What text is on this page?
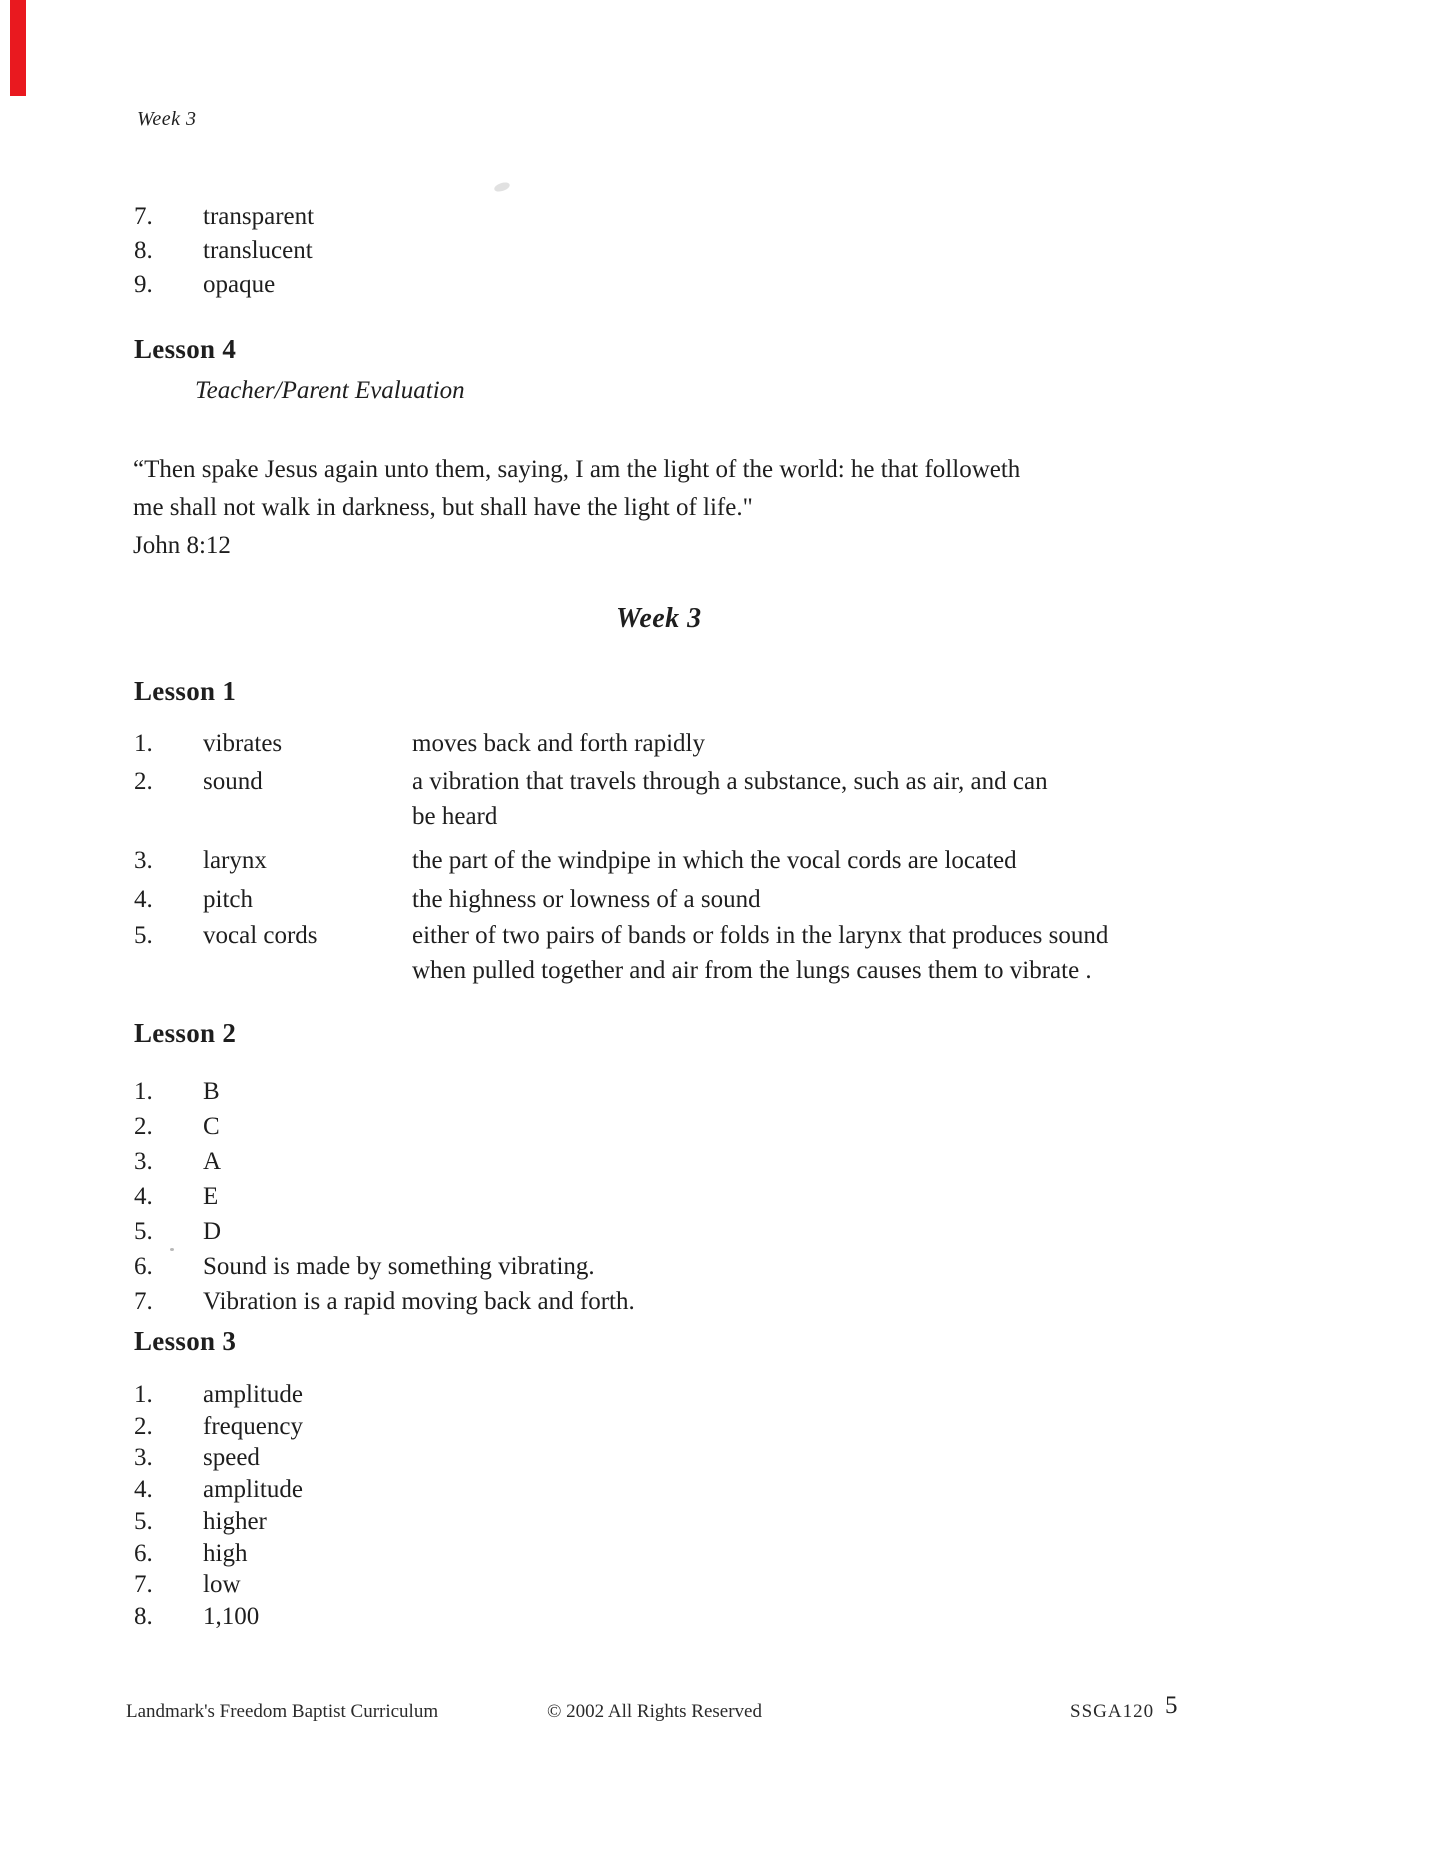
Week 3
7. transparent
8. translucent
9. opaque
Lesson 4
Teacher/Parent Evaluation
“Then spake Jesus again unto them, saying, I am the light of the world: he that followeth
me shall not walk in darkness, but shall have the light of life."
John 8:12
Week 3
Lesson 1
1.	vibrates	moves back and forth rapidly
2.	sound	a vibration that travels through a substance, such as air, and can
be heard
3.	larynx	the part of the windpipe in which the vocal cords are located
4.	pitch	the highness or lowness of a sound
5.	vocal cords	either of two pairs of bands or folds in the larynx that produces sound
when pulled together and air from the lungs causes them to vibrate .
Lesson 2
1. B
2. C
3. A
4. E
5. D
6. Sound is made by something vibrating.
7. Vibration is a rapid moving back and forth.
Lesson 3
1. amplitude
2. frequency
3. speed
4. amplitude
5. higher
6. high
7. low
8. 1,100
Landmark's Freedom Baptist Curriculum	© 2002 All Rights Reserved	SSGA120 5
